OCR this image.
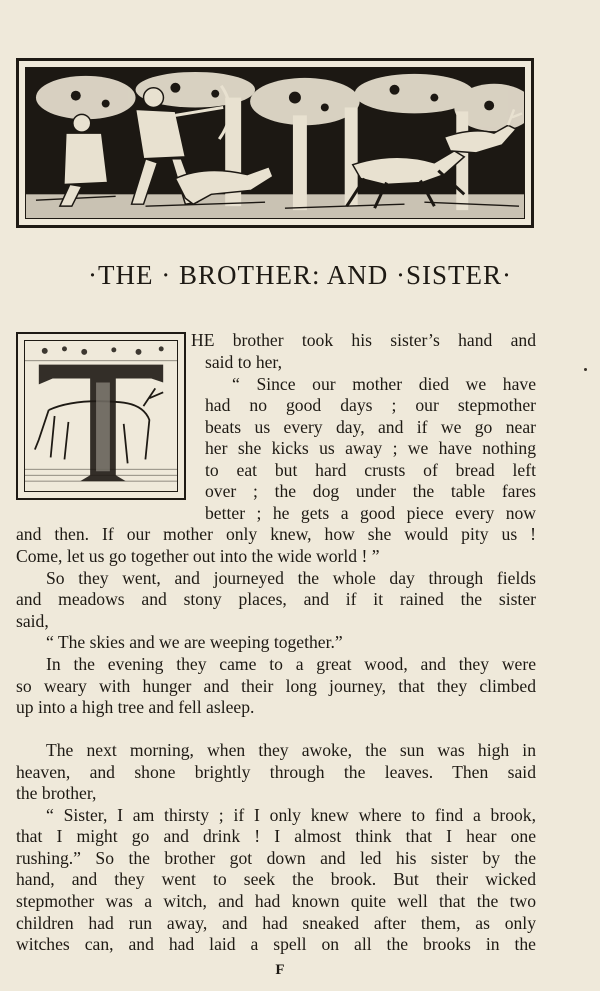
·THE · BROTHER: AND ·SISTER·
HE brother took his sister’s hand and
said to her,
“ Since our mother died we have
had no good days ; our stepmother
beats us every day, and if we go near
her she kicks us away ; we have nothing
to eat but hard crusts of bread left
over ; the dog under the table fares
better ; he gets a good piece every now
and then. If our mother only knew, how she would pity us !
Come, let us go together out into the wide world ! ”
So they went, and journeyed the whole day through fields
and meadows and stony places, and if it rained the sister
said,
“ The skies and we are weeping together.”
In the evening they came to a great wood, and they were
so weary with hunger and their long journey, that they climbed
up into a high tree and fell asleep.
The next morning, when they awoke, the sun was high in
heaven, and shone brightly through the leaves. Then said
the brother,
“ Sister, I am thirsty ; if I only knew where to find a brook,
that I might go and drink ! I almost think that I hear one
rushing.” So the brother got down and led his sister by the
hand, and they went to seek the brook. But their wicked
stepmother was a witch, and had known quite well that the two
children had run away, and had sneaked after them, as only
witches can, and had laid a spell on all the brooks in the
F
